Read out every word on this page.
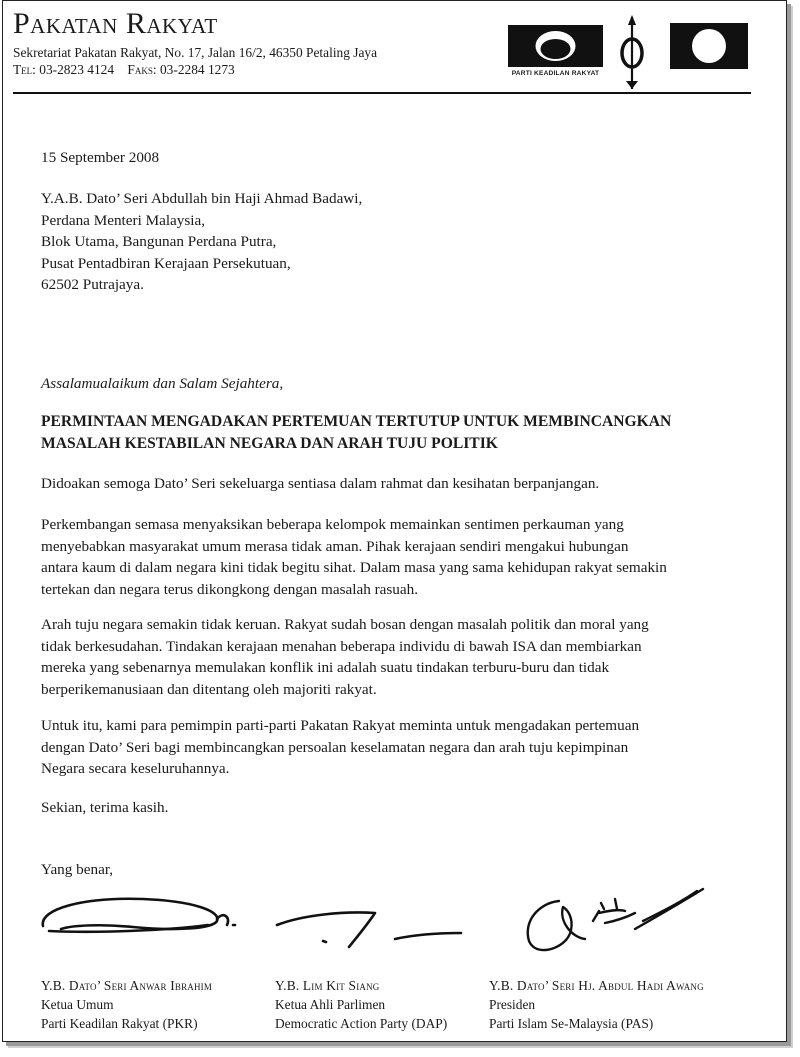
Pakatan Rakyat
Sekretariat Pakatan Rakyat, No. 17, Jalan 16/2, 46350 Petaling Jaya
Tel: 03-2823 4124 Faks: 03-2284 1273	PARTI KEADILAN RAKYAT
15 September 2008
Y.A.B. Dato’ Seri Abdullah bin Haji Ahmad Badawi,
Perdana Menteri Malaysia,
Blok Utama, Bangunan Perdana Putra,
Pusat Pentadbiran Kerajaan Persekutuan,
62502 Putrajaya.
Assalamualaikum dan Salam Sejahtera,
PERMINTAAN MENGADAKAN PERTEMUAN TERTUTUP UNTUK MEMBINCANGKAN
MASALAH KESTABILAN NEGARA DAN ARAH TUJU POLITIK
Didoakan semoga Dato’ Seri sekeluarga sentiasa dalam rahmat dan kesihatan berpanjangan.
Perkembangan semasa menyaksikan beberapa kelompok memainkan sentimen perkauman yang
menyebabkan masyarakat umum merasa tidak aman. Pihak kerajaan sendiri mengakui hubungan
antara kaum di dalam negara kini tidak begitu sihat. Dalam masa yang sama kehidupan rakyat semakin
tertekan dan negara terus dikongkong dengan masalah rasuah.
Arah tuju negara semakin tidak keruan. Rakyat sudah bosan dengan masalah politik dan moral yang
tidak berkesudahan. Tindakan kerajaan menahan beberapa individu di bawah ISA dan membiarkan
mereka yang sebenarnya memulakan konflik ini adalah suatu tindakan terburu-buru dan tidak
berperikemanusiaan dan ditentang oleh majoriti rakyat.
Untuk itu, kami para pemimpin parti-parti Pakatan Rakyat meminta untuk mengadakan pertemuan
dengan Dato’ Seri bagi membincangkan persoalan keselamatan negara dan arah tuju kepimpinan
Negara secara keseluruhannya.
Sekian, terima kasih.
Yang benar,
Y.B. Dato’ Seri Anwar Ibrahim
Ketua Umum
Parti Keadilan Rakyat (PKR)
Y.B. Lim Kit Siang
Ketua Ahli Parlimen
Democratic Action Party (DAP)
Y.B. Dato’ Seri Hj. Abdul Hadi Awang
Presiden
Parti Islam Se-Malaysia (PAS)
